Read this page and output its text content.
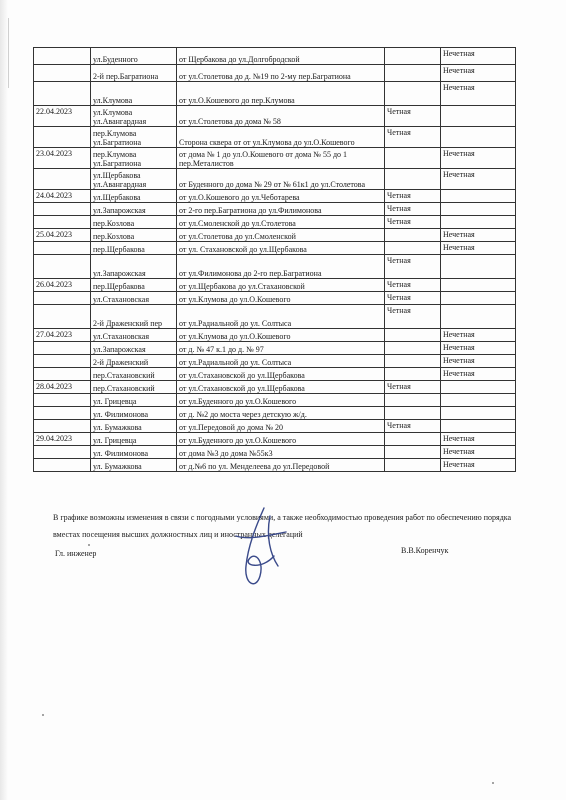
	ул.Буденного	от Щербакова до ул.Долгобродской		Нечетная
	2-й пер.Багратиона	от ул.Столетова до д. №19 по 2-му пер.Багратиона		Нечетная
	ул.Клумова	от ул.О.Кошевого до пер.Клумова		Нечетная
22.04.2023	ул.Клумова ул.Авангардная	от ул.Столетова до дома № 58	Четная	
	пер.Клумова ул.Багратиона	Сторона сквера от от ул.Клумова до ул.О.Кошевого	Четная	
23.04.2023	пер.Клумова ул.Багратиона	от дома № 1 до ул.О.Кошевого от дома № 55 до 1 пер.Металистов		Нечетная
	ул.Щербакова ул.Авангардная	от Буденного до дома № 29 от № 61к1 до ул.Столетова		Нечетная
24.04.2023	ул.Щербакова	от ул.О.Кошевого до ул.Чеботарева	Четная	
	ул.Запарожская	от 2-го пер.Багратиона до ул.Филимонова	Четная	
	пер.Козлова	от ул.Смоленской до ул.Столетова	Четная	
25.04.2023	пер.Козлова	от ул.Столетова до ул.Смоленской		Нечетная
	пер.Щербакова	от ул. Стахановской до ул.Щербакова		Нечетная
	ул.Запарожская	от ул.Филимонова до 2-го пер.Багратиона	Четная	
26.04.2023	пер.Щербакова	от ул.Щербакова до ул.Стахановской	Четная	
	ул.Стахановская	от ул.Клумова до ул.О.Кошевого	Четная	
	2-й Драженский пер	от ул.Радиальной до ул. Солтыса	Четная	
27.04.2023	ул.Стахановская	от ул.Клумова до ул.О.Кошевого		Нечетная
	ул.Запарожская	от д. № 47 к.1 до д. № 97		Нечетная
	2-й Драженский	от ул.Радиальной до ул. Солтыса		Нечетная
	пер.Стахановский	от ул.Стахановской до ул.Щербакова		Нечетная
28.04.2023	пер.Стахановский	от ул.Стахановской до ул.Щербакова	Четная	
	ул. Грицевца	от ул.Буденного до ул.О.Кошевого		
	ул. Филимонова	от д. №2 до моста через детскую ж/д.		
	ул. Бумажкова	от ул.Передовой до дома № 20	Четная	
29.04.2023	ул. Грицевца	от ул.Буденного до ул.О.Кошевого		Нечетная
	ул. Филимонова	от дома №3 до дома №55к3		Нечетная
	ул. Бумажкова	от д.№6 по ул. Менделеева до ул.Передовой		Нечетная
В графике возможны изменения в связи с погодными условиями, а также необходимостью проведения работ по обеспечению порядка вместах посещения высших должностных лиц и иностранных делегаций
Гл. инженер	В.В.Коренчук
